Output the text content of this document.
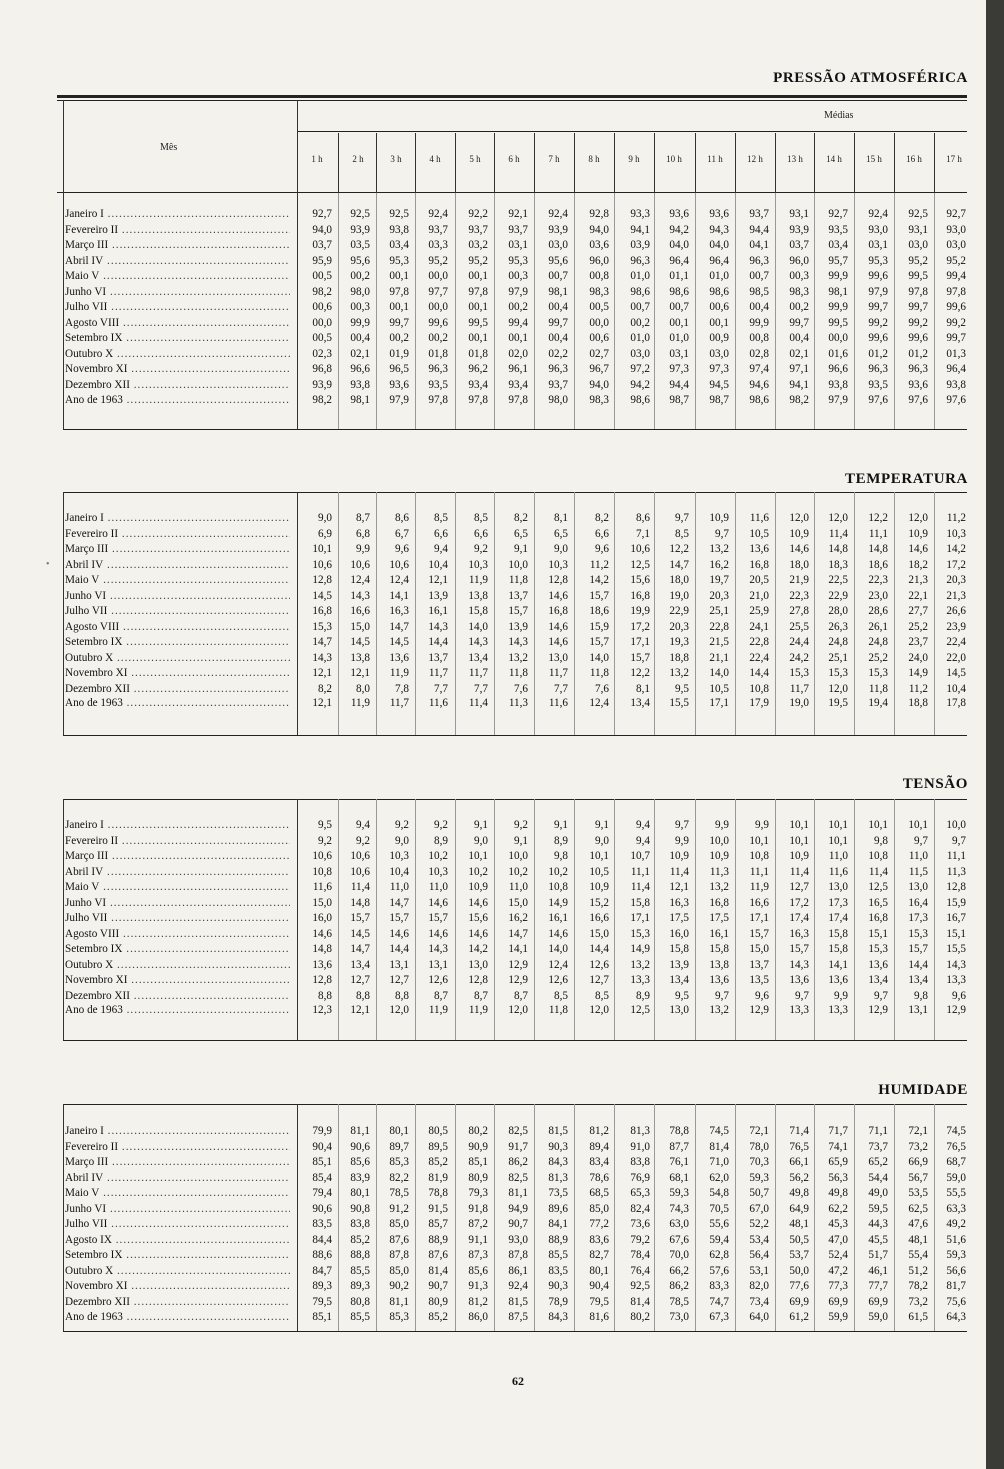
Mês
Médias
1 h	2 h	3 h	4 h	5 h	6 h	7 h	8 h	9 h	10 h	11 h	12 h	13 h	14 h	15 h	16 h	17 h
PRESSÃO ATMOSFÉRICA
Janeiro I .....	92,7	92,5	92,5	92,4	92,2	92,1	92,4	92,8	93,3	93,6	93,6	93,7	93,1	92,7	92,4	92,5	92,7
Fevereiro II .....	94,0	93,9	93,8	93,7	93,7	93,7	93,9	94,0	94,1	94,2	94,3	94,4	93,9	93,5	93,0	93,1	93,0
Março III .....	03,7	03,5	03,4	03,3	03,2	03,1	03,0	03,6	03,9	04,0	04,0	04,1	03,7	03,4	03,1	03,0	03,0
Abril IV .....	95,9	95,6	95,3	95,2	95,2	95,3	95,6	96,0	96,3	96,4	96,4	96,3	96,0	95,7	95,3	95,2	95,2
Maio V .....	00,5	00,2	00,1	00,0	00,1	00,3	00,7	00,8	01,0	01,1	01,0	00,7	00,3	99,9	99,6	99,5	99,4
Junho VI .....	98,2	98,0	97,8	97,7	97,8	97,9	98,1	98,3	98,6	98,6	98,6	98,5	98,3	98,1	97,9	97,8	97,8
Julho VII .....	00,6	00,3	00,1	00,0	00,1	00,2	00,4	00,5	00,7	00,7	00,6	00,4	00,2	99,9	99,7	99,7	99,6
Agosto VIII .....	00,0	99,9	99,7	99,6	99,5	99,4	99,7	00,0	00,2	00,1	00,1	99,9	99,7	99,5	99,2	99,2	99,2
Setembro IX .....	00,5	00,4	00,2	00,2	00,1	00,1	00,4	00,6	01,0	01,0	00,9	00,8	00,4	00,0	99,6	99,6	99,7
Outubro X .....	02,3	02,1	01,9	01,8	01,8	02,0	02,2	02,7	03,0	03,1	03,0	02,8	02,1	01,6	01,2	01,2	01,3
Novembro XI .....	96,8	96,6	96,5	96,3	96,2	96,1	96,3	96,7	97,2	97,3	97,3	97,4	97,1	96,6	96,3	96,3	96,4
Dezembro XII .....	93,9	93,8	93,6	93,5	93,4	93,4	93,7	94,0	94,2	94,4	94,5	94,6	94,1	93,8	93,5	93,6	93,8
Ano de 1963 .....	98,2	98,1	97,9	97,8	97,8	97,8	98,0	98,3	98,6	98,7	98,7	98,6	98,2	97,9	97,6	97,6	97,6
TEMPERATURA
Janeiro I .....	9,0	8,7	8,6	8,5	8,5	8,2	8,1	8,2	8,6	9,7	10,9	11,6	12,0	12,0	12,2	12,0	11,2
Fevereiro II .....	6,9	6,8	6,7	6,6	6,6	6,5	6,5	6,6	7,1	8,5	9,7	10,5	10,9	11,4	11,1	10,9	10,3
Março III .....	10,1	9,9	9,6	9,4	9,2	9,1	9,0	9,6	10,6	12,2	13,2	13,6	14,6	14,8	14,8	14,6	14,2
Abril IV .....	10,6	10,6	10,6	10,4	10,3	10,0	10,3	11,2	12,5	14,7	16,2	16,8	18,0	18,3	18,6	18,2	17,2
Maio V .....	12,8	12,4	12,4	12,1	11,9	11,8	12,8	14,2	15,6	18,0	19,7	20,5	21,9	22,5	22,3	21,3	20,3
Junho VI .....	14,5	14,3	14,1	13,9	13,8	13,7	14,6	15,7	16,8	19,0	20,3	21,0	22,3	22,9	23,0	22,1	21,3
Julho VII .....	16,8	16,6	16,3	16,1	15,8	15,7	16,8	18,6	19,9	22,9	25,1	25,9	27,8	28,0	28,6	27,7	26,6
Agosto VIII .....	15,3	15,0	14,7	14,3	14,0	13,9	14,6	15,9	17,2	20,3	22,8	24,1	25,5	26,3	26,1	25,2	23,9
Setembro IX .....	14,7	14,5	14,5	14,4	14,3	14,3	14,6	15,7	17,1	19,3	21,5	22,8	24,4	24,8	24,8	23,7	22,4
Outubro X .....	14,3	13,8	13,6	13,7	13,4	13,2	13,0	14,0	15,7	18,8	21,1	22,4	24,2	25,1	25,2	24,0	22,0
Novembro XI .....	12,1	12,1	11,9	11,7	11,7	11,8	11,7	11,8	12,2	13,2	14,0	14,4	15,3	15,3	15,3	14,9	14,5
Dezembro XII .....	8,2	8,0	7,8	7,7	7,7	7,6	7,7	7,6	8,1	9,5	10,5	10,8	11,7	12,0	11,8	11,2	10,4
Ano de 1963 .....	12,1	11,9	11,7	11,6	11,4	11,3	11,6	12,4	13,4	15,5	17,1	17,9	19,0	19,5	19,4	18,8	17,8
TENSÃO
Janeiro I .....	9,5	9,4	9,2	9,2	9,1	9,2	9,1	9,1	9,4	9,7	9,9	9,9	10,1	10,1	10,1	10,1	10,0
Fevereiro II .....	9,2	9,2	9,0	8,9	9,0	9,1	8,9	9,0	9,4	9,9	10,0	10,1	10,1	10,1	9,8	9,7	9,7
Março III .....	10,6	10,6	10,3	10,2	10,1	10,0	9,8	10,1	10,7	10,9	10,9	10,8	10,9	11,0	10,8	11,0	11,1
Abril IV .....	10,8	10,6	10,4	10,3	10,2	10,2	10,2	10,5	11,1	11,4	11,3	11,1	11,4	11,6	11,4	11,5	11,3
Maio V .....	11,6	11,4	11,0	11,0	10,9	11,0	10,8	10,9	11,4	12,1	13,2	11,9	12,7	13,0	12,5	13,0	12,8
Junho VI .....	15,0	14,8	14,7	14,6	14,6	15,0	14,9	15,2	15,8	16,3	16,8	16,6	17,2	17,3	16,5	16,4	15,9
Julho VII .....	16,0	15,7	15,7	15,7	15,6	16,2	16,1	16,6	17,1	17,5	17,5	17,1	17,4	17,4	16,8	17,3	16,7
Agosto VIII .....	14,6	14,5	14,6	14,6	14,6	14,7	14,6	15,0	15,3	16,0	16,1	15,7	16,3	15,8	15,1	15,3	15,1
Setembro IX .....	14,8	14,7	14,4	14,3	14,2	14,1	14,0	14,4	14,9	15,8	15,8	15,0	15,7	15,8	15,3	15,7	15,5
Outubro X .....	13,6	13,4	13,1	13,1	13,0	12,9	12,4	12,6	13,2	13,9	13,8	13,7	14,3	14,1	13,6	14,4	14,3
Novembro XI .....	12,8	12,7	12,7	12,6	12,8	12,9	12,6	12,7	13,3	13,4	13,6	13,5	13,6	13,6	13,4	13,4	13,3
Dezembro XII .....	8,8	8,8	8,8	8,7	8,7	8,7	8,5	8,5	8,9	9,5	9,7	9,6	9,7	9,9	9,7	9,8	9,6
Ano de 1963 .....	12,3	12,1	12,0	11,9	11,9	12,0	11,8	12,0	12,5	13,0	13,2	12,9	13,3	13,3	12,9	13,1	12,9
HUMIDADE
Janeiro I .....	79,9	81,1	80,1	80,5	80,2	82,5	81,5	81,2	81,3	78,8	74,5	72,1	71,4	71,7	71,1	72,1	74,5
Fevereiro II .....	90,4	90,6	89,7	89,5	90,9	91,7	90,3	89,4	91,0	87,7	81,4	78,0	76,5	74,1	73,7	73,2	76,5
Março III .....	85,1	85,6	85,3	85,2	85,1	86,2	84,3	83,4	83,8	76,1	71,0	70,3	66,1	65,9	65,2	66,9	68,7
Abril IV .....	85,4	83,9	82,2	81,9	80,9	82,5	81,3	78,6	76,9	68,1	62,0	59,3	56,2	56,3	54,4	56,7	59,0
Maio V .....	79,4	80,1	78,5	78,8	79,3	81,1	73,5	68,5	65,3	59,3	54,8	50,7	49,8	49,8	49,0	53,5	55,5
Junho VI .....	90,6	90,8	91,2	91,5	91,8	94,9	89,6	85,0	82,4	74,3	70,5	67,0	64,9	62,2	59,5	62,5	63,3
Julho VII .....	83,5	83,8	85,0	85,7	87,2	90,7	84,1	77,2	73,6	63,0	55,6	52,2	48,1	45,3	44,3	47,6	49,2
Agosto IX .....	84,4	85,2	87,6	88,9	91,1	93,0	88,9	83,6	79,2	67,6	59,4	53,4	50,5	47,0	45,5	48,1	51,6
Setembro IX .....	88,6	88,8	87,8	87,6	87,3	87,8	85,5	82,7	78,4	70,0	62,8	56,4	53,7	52,4	51,7	55,4	59,3
Outubro X .....	84,7	85,5	85,0	81,4	85,6	86,1	83,5	80,1	76,4	66,2	57,6	53,1	50,0	47,2	46,1	51,2	56,6
Novembro XI .....	89,3	89,3	90,2	90,7	91,3	92,4	90,3	90,4	92,5	86,2	83,3	82,0	77,6	77,3	77,7	78,2	81,7
Dezembro XII .....	79,5	80,8	81,1	80,9	81,2	81,5	78,9	79,5	81,4	78,5	74,7	73,4	69,9	69,9	69,9	73,2	75,6
Ano de 1963 .....	85,1	85,5	85,3	85,2	86,0	87,5	84,3	81,6	80,2	73,0	67,3	64,0	61,2	59,9	59,0	61,5	64,3
•
62
